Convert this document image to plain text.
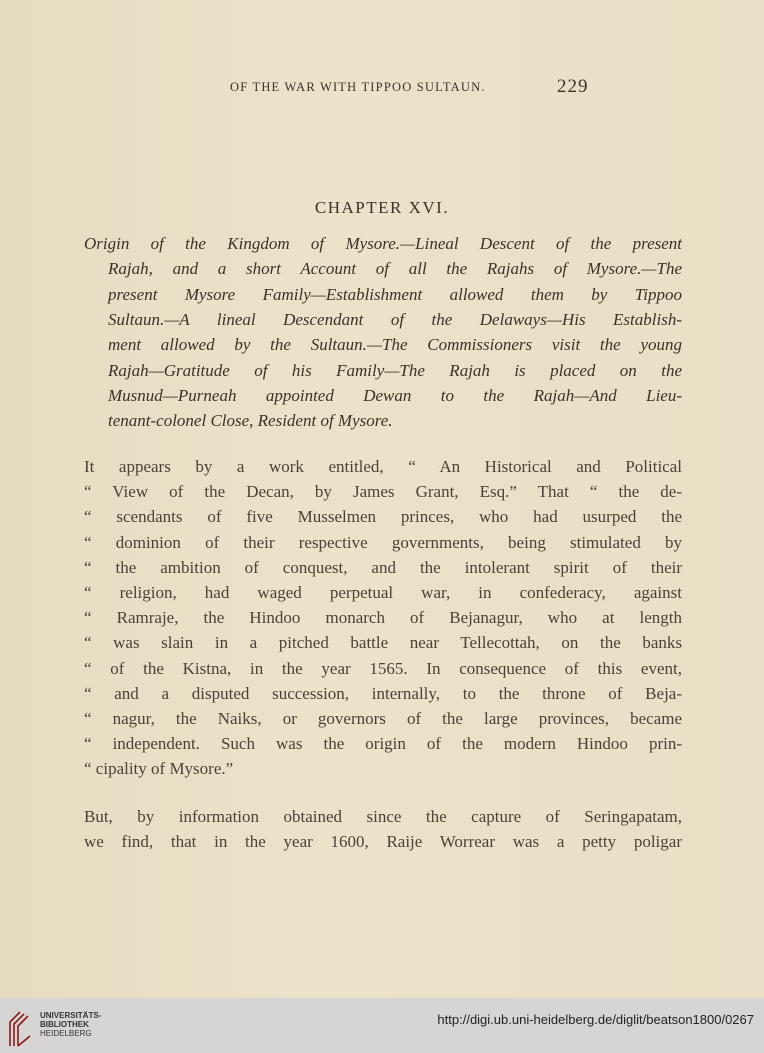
OF THE WAR WITH TIPPOO SULTAUN.	229
CHAPTER XVI.
Origin of the Kingdom of Mysore.—Lineal Descent of the present
Rajah, and a short Account of all the Rajahs of Mysore.—The
present Mysore Family—Establishment allowed them by Tippoo
Sultaun.—A lineal Descendant of the Delaways—His Establish-
ment allowed by the Sultaun.—The Commissioners visit the young
Rajah—Gratitude of his Family—The Rajah is placed on the
Musnud—Purneah appointed Dewan to the Rajah—And Lieu-
tenant-colonel Close, Resident of Mysore.
It appears by a work entitled, “ An Historical and Political
“ View of the Decan, by James Grant, Esq.” That “ the de-
“ scendants of five Musselmen princes, who had usurped the
“ dominion of their respective governments, being stimulated by
“ the ambition of conquest, and the intolerant spirit of their
“ religion, had waged perpetual war, in confederacy, against
“ Ramraje, the Hindoo monarch of Bejanagur, who at length
“ was slain in a pitched battle near Tellecottah, on the banks
“ of the Kistna, in the year 1565. In consequence of this event,
“ and a disputed succession, internally, to the throne of Beja-
“ nagur, the Naiks, or governors of the large provinces, became
“ independent. Such was the origin of the modern Hindoo prin-
“ cipality of Mysore.”
But, by information obtained since the capture of Seringapatam,
we find, that in the year 1600, Raije Worrear was a petty poligar
UNIVERSITÄTS-
BIBLIOTHEK
HEIDELBERG
http://digi.ub.uni-heidelberg.de/diglit/beatson1800/0267
